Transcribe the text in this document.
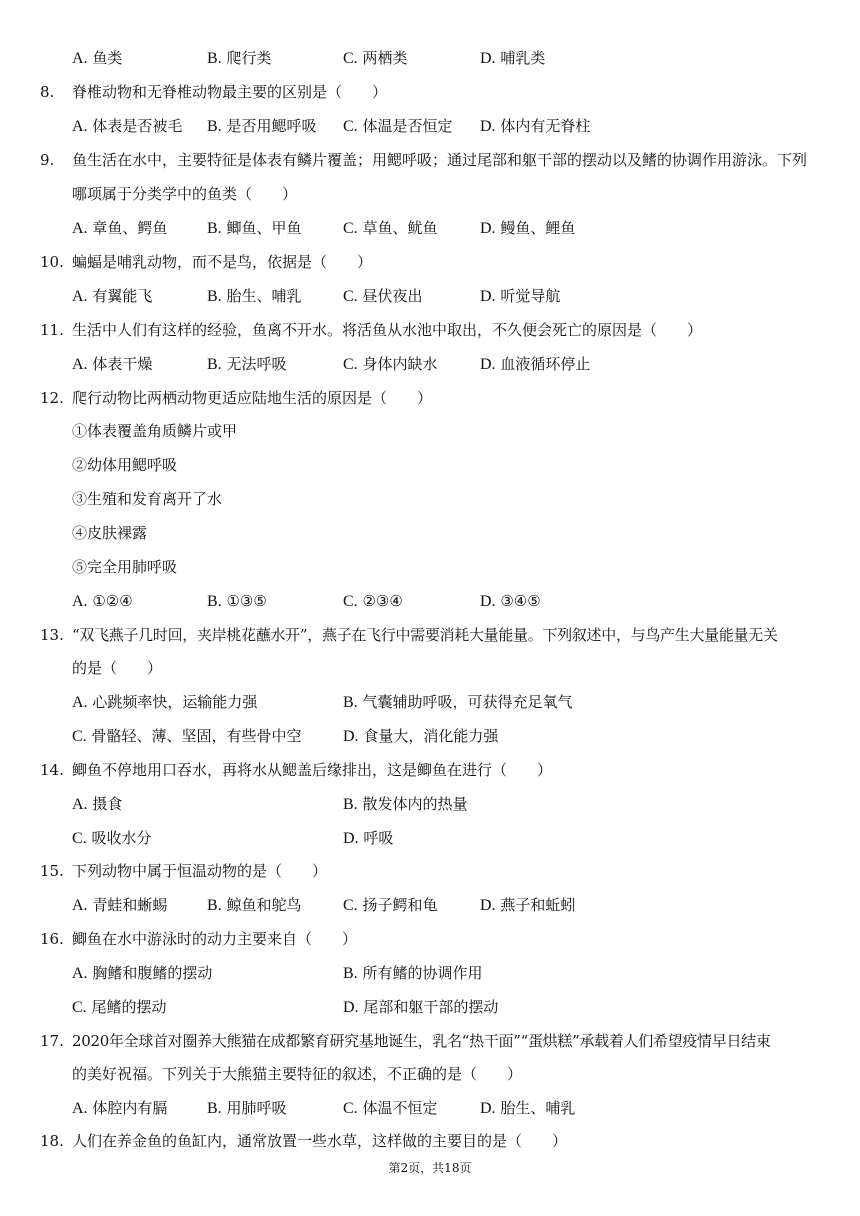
A. 鱼类	B. 爬行类	C. 两栖类	D. 哺乳类
8.	脊椎动物和无脊椎动物最主要的区别是（　　）
A. 体表是否被毛 B. 是否用鳃呼吸 C. 体温是否恒定 D. 体内有无脊柱
9.	鱼生活在水中，主要特征是体表有鳞片覆盖；用鳃呼吸；通过尾部和躯干部的摆动以及鳍的协调作用游泳。下列
哪项属于分类学中的鱼类（　　）
A. 章鱼、鳄鱼 B. 鲫鱼、甲鱼	C. 草鱼、鱿鱼	D. 鳗鱼、鲤鱼
10. 蝙蝠是哺乳动物，而不是鸟，依据是（　　）
A. 有翼能飞	B. 胎生、哺乳	C. 昼伏夜出	D. 听觉导航
11. 生活中人们有这样的经验，鱼离不开水。将活鱼从水池中取出，不久便会死亡的原因是（　　）
A. 体表干燥	B. 无法呼吸	C. 身体内缺水	D. 血液循环停止
12. 爬行动物比两栖动物更适应陆地生活的原因是（　　）
①体表覆盖角质鳞片或甲
②幼体用鳃呼吸
③生殖和发育离开了水
④皮肤裸露
⑤完全用肺呼吸
A. ①②④	B. ①③⑤	C. ②③④	D. ③④⑤
13. “双飞燕子几时回，夹岸桃花蘸水开”，燕子在飞行中需要消耗大量能量。下列叙述中，与鸟产生大量能量无关
的是（　　）
A. 心跳频率快，运输能力强	B. 气囊辅助呼吸，可获得充足氧气
C. 骨骼轻、薄、坚固，有些骨中空	D. 食量大，消化能力强
14. 鲫鱼不停地用口吞水，再将水从鳃盖后缘排出，这是鲫鱼在进行（　　）
A. 摄食	B. 散发体内的热量
C. 吸收水分	D. 呼吸
15. 下列动物中属于恒温动物的是（　　）
A. 青蛙和蜥蜴 B. 鲸鱼和鸵鸟	C. 扬子鳄和龟	D. 燕子和蚯蚓
16. 鲫鱼在水中游泳时的动力主要来自（　　）
A. 胸鳍和腹鳍的摆动	B. 所有鳍的协调作用
C. 尾鳍的摆动	D. 尾部和躯干部的摆动
17. 2020年全球首对圈养大熊猫在成都繁育研究基地诞生，乳名“热干面”“蛋烘糕”承载着人们希望疫情早日结束
的美好祝福。下列关于大熊猫主要特征的叙述，不正确的是（　　）
A. 体腔内有膈 B. 用肺呼吸	C. 体温不恒定	D. 胎生、哺乳
18. 人们在养金鱼的鱼缸内，通常放置一些水草，这样做的主要目的是（　　）
第2页，共18页
